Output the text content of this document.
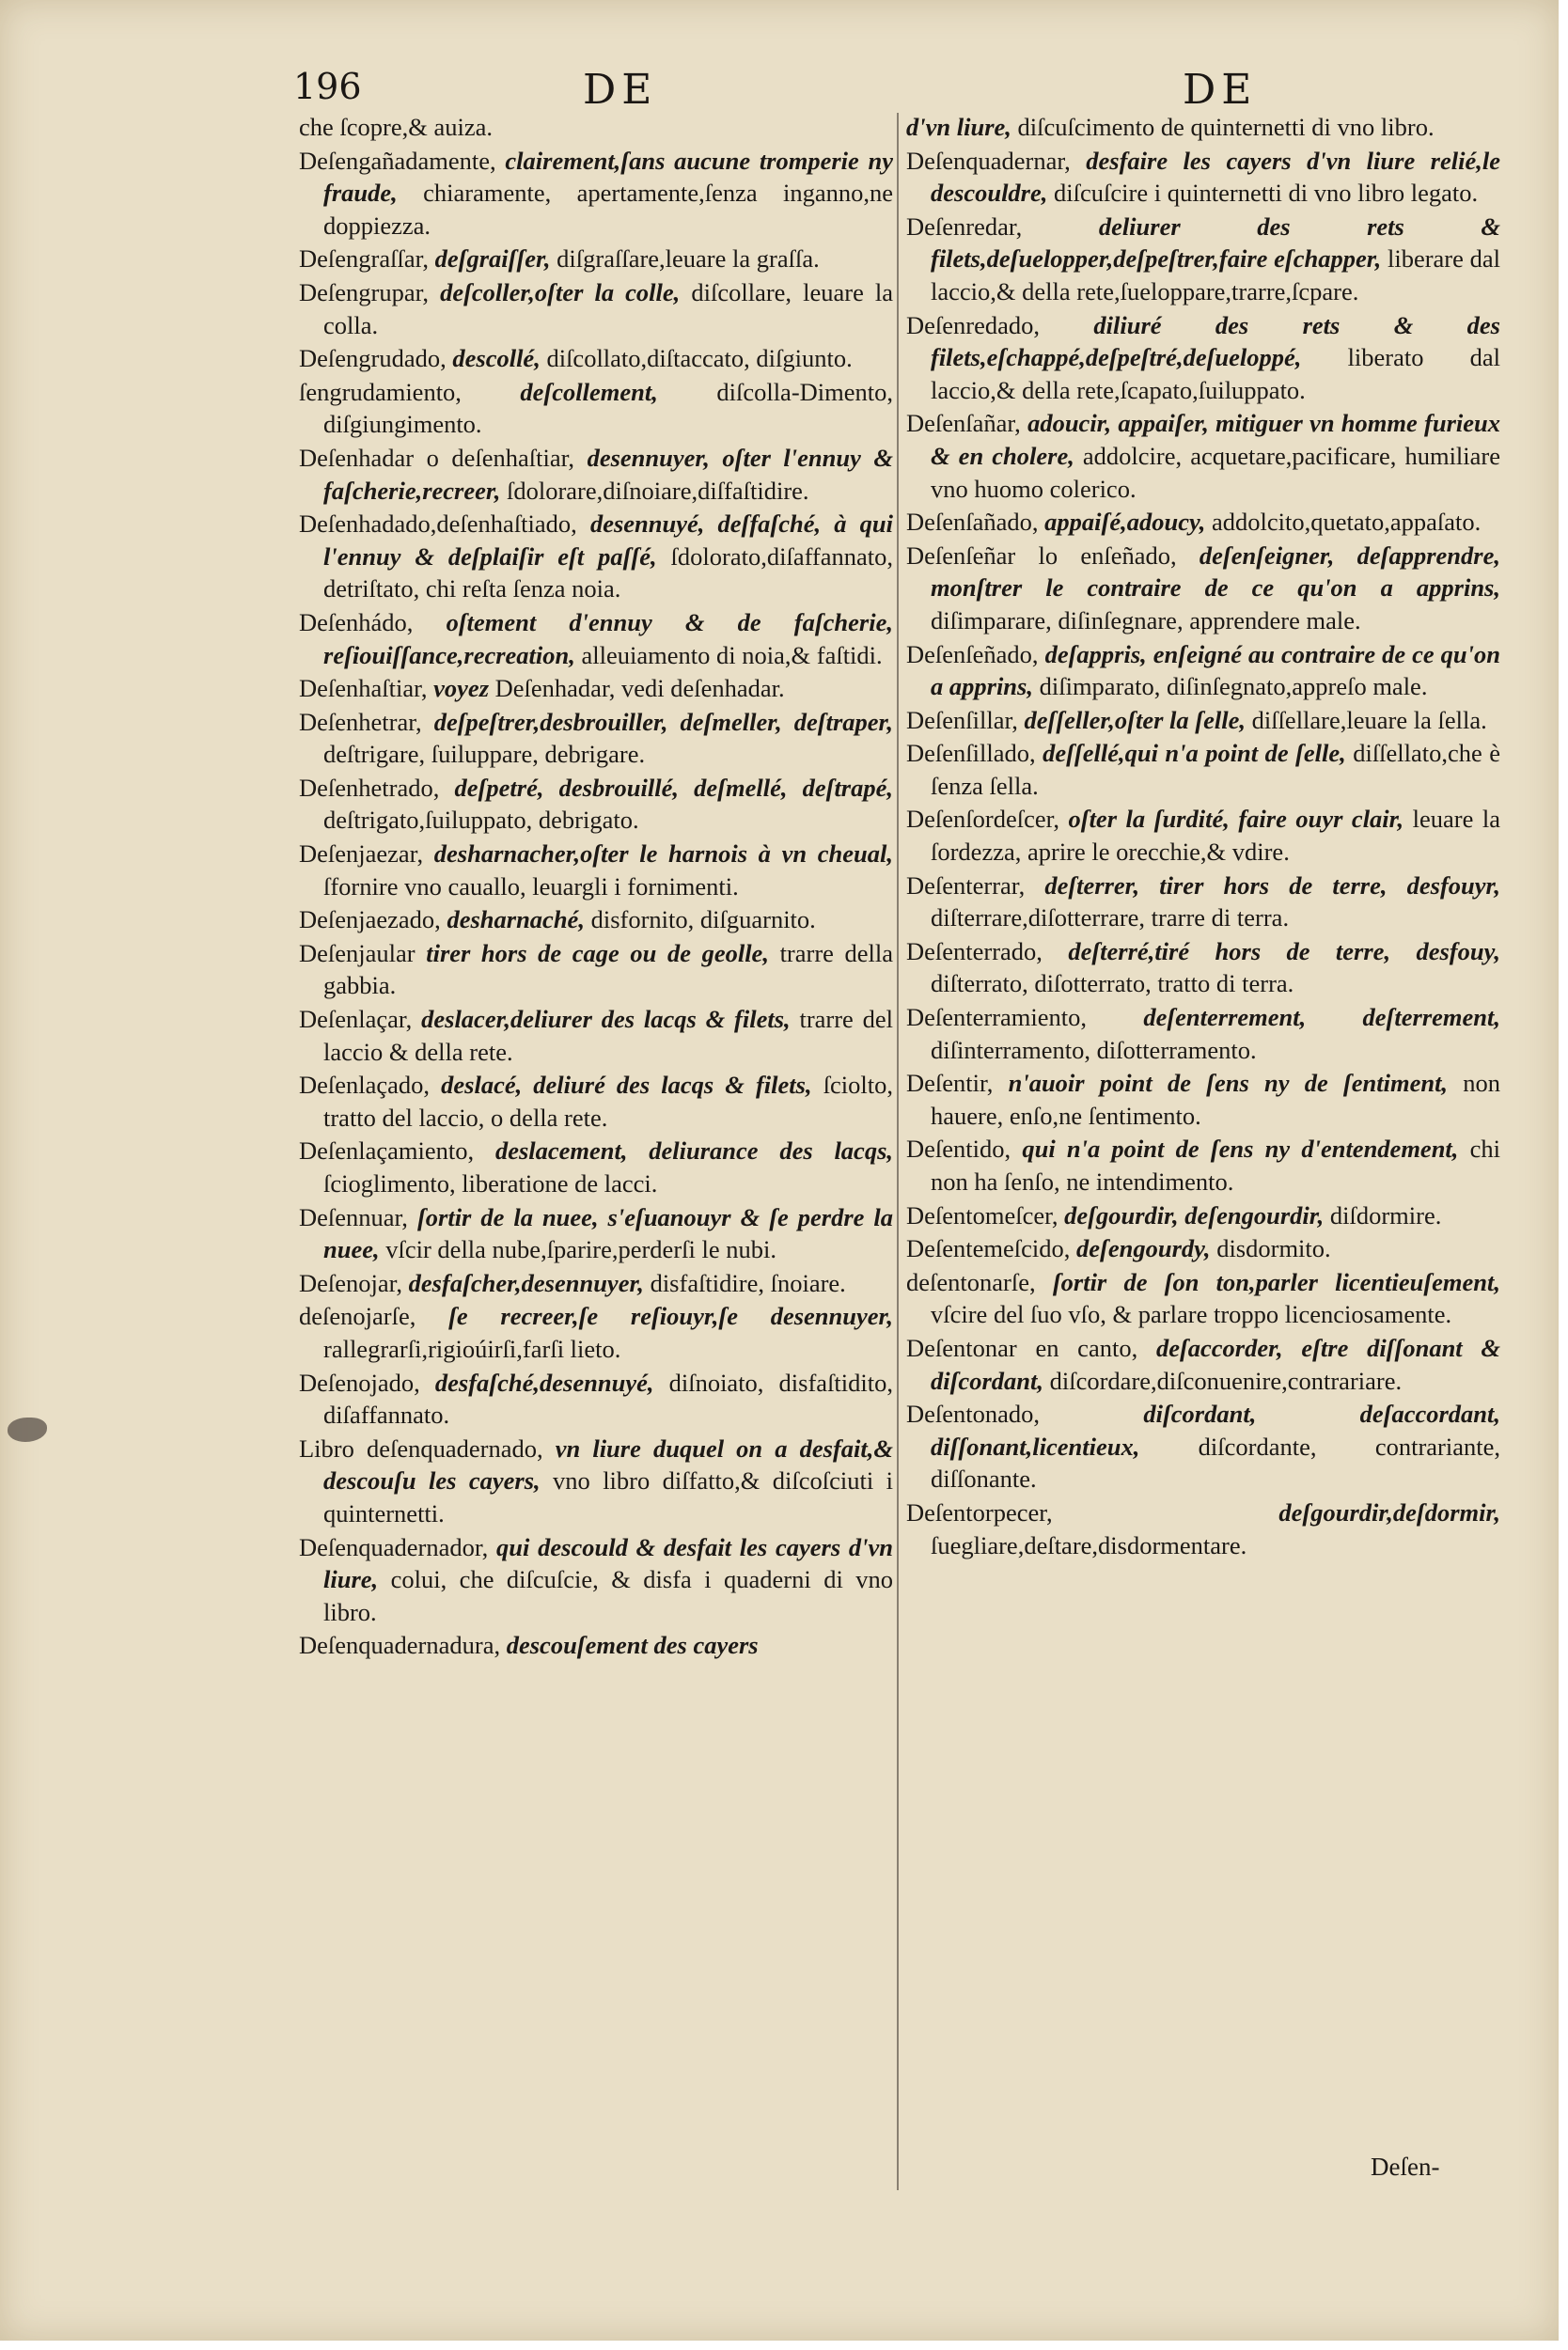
196	DE	DE
che ſcopre,& auiza.
Deſengañadamente, clairement,ſans aucune tromperie ny fraude, chiaramente, apertamente,ſenza inganno,ne doppiezza.
Deſengraſſar, deſgraiſſer, diſgraſſare,leuare la graſſa.
Deſengrupar, deſcoller,oſter la colle, diſcollare, leuare la colla.
Deſengrudado, descollé, diſcollato,diſtaccato, diſgiunto.
ſengrudamiento, deſcollement, diſcolla-Dimento, diſgiungimento.
Deſenhadar o deſenhaſtiar, desennuyer, oſter l'ennuy & faſcherie,recreer, ſdolorare,diſnoiare,diſfaſtidire.
Deſenhadado,deſenhaſtiado, desennuyé, deſfaſché, à qui l'ennuy & deſplaiſir eſt paſſé, ſdolorato,diſaffannato, detriſtato, chi reſta ſenza noia.
Deſenhádo, oſtement d'ennuy & de faſcherie, reſiouiſſance,recreation, alleuiamento di noia,& faſtidi.
Deſenhaſtiar, voyez Deſenhadar, vedi deſenhadar.
Deſenhetrar, deſpeſtrer,desbrouiller, deſmeller, deſtraper, deſtrigare, ſuiluppare, debrigare.
Deſenhetrado, deſpetré, desbrouillé, deſmellé, deſtrapé, deſtrigato,ſuiluppato, debrigato.
Deſenjaezar, desharnacher,oſter le harnois à vn cheual, ſfornire vno cauallo, leuargli i fornimenti.
Deſenjaezado, desharnaché, disfornito, diſguarnito.
Deſenjaular tirer hors de cage ou de geolle, trarre della gabbia.
Deſenlaçar, deslacer,deliurer des lacqs & filets, trarre del laccio & della rete.
Deſenlaçado, deslacé, deliuré des lacqs & filets, ſciolto, tratto del laccio, o della rete.
Deſenlaçamiento, deslacement, deliurance des lacqs, ſcioglimento, liberatione de lacci.
Deſennuar, ſortir de la nuee, s'eſuanouyr & ſe perdre la nuee, vſcir della nube,ſparire,perderſi le nubi.
Deſenojar, desfaſcher,desennuyer, disfaſtidire, ſnoiare.
deſenojarſe, ſe recreer,ſe reſiouyr,ſe desennuyer, rallegrarſi,rigioúirſi,farſi lieto.
Deſenojado, desfaſché,desennuyé, diſnoiato, disfaſtidito, diſaffannato.
Libro deſenquadernado, vn liure duquel on a desfait,& descouſu les cayers, vno libro diſfatto,& diſcoſciuti i quinternetti.
Deſenquadernador, qui descould & desfait les cayers d'vn liure, colui, che diſcuſcie, & disfa i quaderni di vno libro.
Deſenquadernadura, descouſement des cayers
d'vn liure, diſcuſcimento de quinternetti di vno libro.
Deſenquadernar, desfaire les cayers d'vn liure relié,le descouldre, diſcuſcire i quinternetti di vno libro legato.
Deſenredar,	deliurer des rets & filets,deſuelopper,deſpeſtrer,faire eſchapper, liberare dal laccio,& della rete,ſueloppare,trarre,ſcpare.
Deſenredado, diliuré des rets & des filets,eſchappé,deſpeſtré,deſueloppé, liberato dal laccio,& della rete,ſcapato,ſuiluppato.
Deſenſañar, adoucir, appaiſer, mitiguer vn homme furieux & en cholere, addolcire, acquetare,pacificare, humiliare vno huomo colerico.
Deſenſañado, appaiſé,adoucy, addolcito,quetato,appaſato.
Deſenſeñar lo enſeñado, deſenſeigner, deſapprendre, monſtrer le contraire de ce qu'on a apprins, diſimparare, diſinſegnare, apprendere male.
Deſenſeñado, deſappris, enſeigné au contraire de ce qu'on a apprins, diſimparato, diſinſegnato,appreſo male.
Deſenſillar, deſſeller,oſter la ſelle, diſſellare,leuare la ſella.
Deſenſillado, deſſellé,qui n'a point de ſelle, diſſellato,che è ſenza ſella.
Deſenſordeſcer, oſter la ſurdité, faire ouyr clair, leuare la ſordezza, aprire le orecchie,& vdire.
Deſenterrar, deſterrer, tirer hors de terre, desfouyr, diſterrare,diſotterrare, trarre di terra.
Deſenterrado, deſterré,tiré hors de terre, desfouy, diſterrato, diſotterrato, tratto di terra.
Deſenterramiento, deſenterrement, deſterrement, diſinterramento, diſotterramento.
Deſentir, n'auoir point de ſens ny de ſentiment, non hauere, enſo,ne ſentimento.
Deſentido, qui n'a point de ſens ny d'entendement, chi non ha ſenſo, ne intendimento.
Deſentomeſcer, deſgourdir, deſengourdir, diſdormire.
Deſentemeſcido, deſengourdy, disdormito.
deſentonarſe, ſortir de ſon ton,parler licentieuſement, vſcire del ſuo vſo, & parlare troppo licenciosamente.
Deſentonar en canto, deſaccorder, eſtre diſſonant & diſcordant, diſcordare,diſconuenire,contrariare.
Deſentonado,	diſcordant, deſaccordant, diſſonant,licentieux, diſcordante, contrariante, diſſonante.
Deſentorpecer,	deſgourdir,deſdormir, ſuegliare,deſtare,disdormentare.
Deſen-
